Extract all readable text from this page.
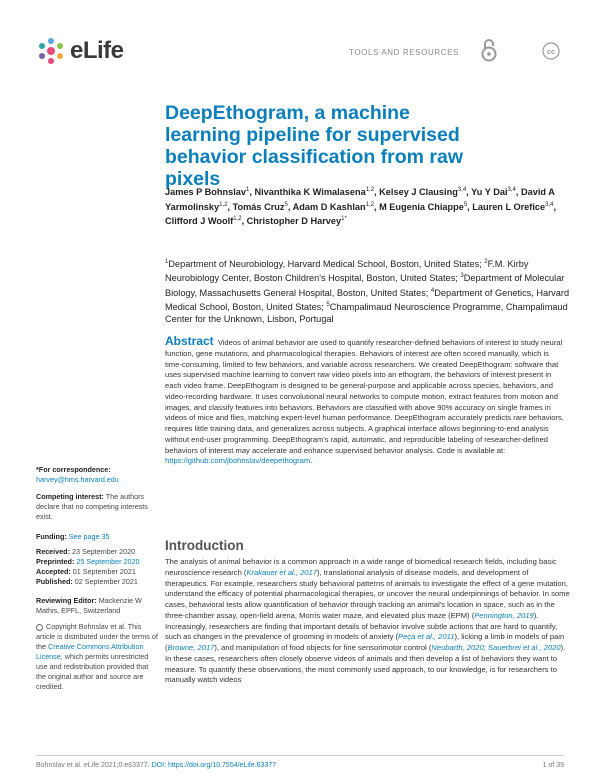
eLife	TOOLS AND RESOURCES	cc
DeepEthogram, a machine learning pipeline for supervised behavior classification from raw pixels
James P Bohnslav$^1$, Nivanthika K Wimalasena$^{1,2}$, Kelsey J Clausing$^{3,4}$, Yu Y Dai$^{3,4}$, David A Yarmolinsky$^{1,2}$, Tomás Cruz$^5$, Adam D Kashlan$^{1,2}$, M Eugenia Chiappe$^5$, Lauren L Orefice$^{3,4}$, Clifford J Woolf$^{1,2}$, Christopher D Harvey$^{1*}$
$^1$Department of Neurobiology, Harvard Medical School, Boston, United States; $^2$F.M. Kirby Neurobiology Center, Boston Children's Hospital, Boston, United States; $^3$Department of Molecular Biology, Massachusetts General Hospital, Boston, United States; $^4$Department of Genetics, Harvard Medical School, Boston, United States; $^5$Champalimaud Neuroscience Programme, Champalimaud Center for the Unknown, Lisbon, Portugal
Abstract Videos of animal behavior are used to quantify researcher-defined behaviors of interest to study neural function, gene mutations, and pharmacological therapies. Behaviors of interest are often scored manually, which is time-consuming, limited to few behaviors, and variable across researchers. We created DeepEthogram: software that uses supervised machine learning to convert raw video pixels into an ethogram, the behaviors of interest present in each video frame. DeepEthogram is designed to be general-purpose and applicable across species, behaviors, and video-recording hardware. It uses convolutional neural networks to compute motion, extract features from motion and images, and classify features into behaviors. Behaviors are classified with above 90% accuracy on single frames in videos of mice and flies, matching expert-level human performance. DeepEthogram accurately predicts rare behaviors, requires little training data, and generalizes across subjects. A graphical interface allows beginning-to-end analysis without end-user programming. DeepEthogram's rapid, automatic, and reproducible labeling of researcher-defined behaviors of interest may accelerate and enhance supervised behavior analysis. Code is available at: https://github.com/jbohnslav/deepethogram.
*For correspondence:
harvey@hms.harvard.edu
Competing interest: The authors declare that no competing interests exist.
Funding: See page 35
Received: 23 September 2020
Preprinted: 25 September 2020
Accepted: 01 September 2021
Published: 02 September 2021
Reviewing Editor: Mackenzie W Mathis, EPFL, Switzerland
Copyright Bohnslav et al. This article is distributed under the terms of the Creative Commons Attribution License, which permits unrestricted use and redistribution provided that the original author and source are credited.
Introduction
The analysis of animal behavior is a common approach in a wide range of biomedical research fields, including basic neuroscience research (Krakauer et al., 2017), translational analysis of disease models, and development of therapeutics. For example, researchers study behavioral patterns of animals to investigate the effect of a gene mutation, understand the efficacy of potential pharmacological therapies, or uncover the neural underpinnings of behavior. In some cases, behavioral tests allow quantification of behavior through tracking an animal's location in space, such as in the three-chamber assay, open-field arena, Morris water maze, and elevated plus maze (EPM) (Pennington, 2019). Increasingly, researchers are finding that important details of behavior involve subtle actions that are hard to quantify, such as changes in the prevalence of grooming in models of anxiety (Peça et al., 2011), licking a limb in models of pain (Browne, 2017), and manipulation of food objects for fine sensorimotor control (Neubarth, 2020; Sauerbrei et al., 2020). In these cases, researchers often closely observe videos of animals and then develop a list of behaviors they want to measure. To quantify these observations, the most commonly used approach, to our knowledge, is for researchers to manually watch videos
Bohnslav et al. eLife 2021;0:e63377. DOI: https://doi.org/10.7554/eLife.63377	1 of 39
